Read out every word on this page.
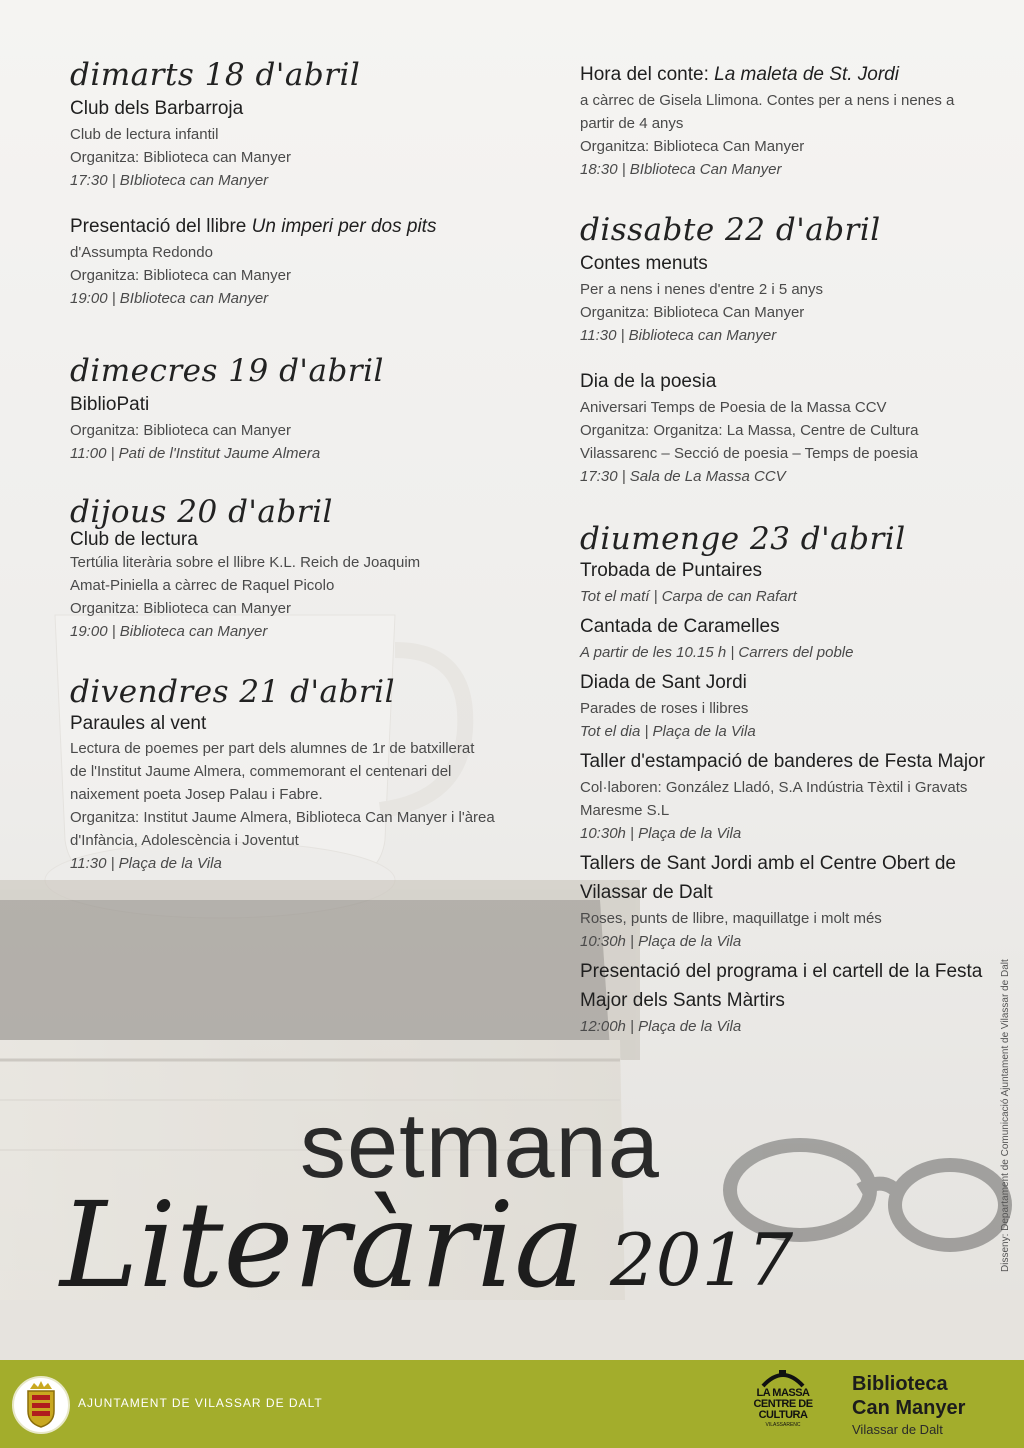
dimarts 18 d'abril
Club dels Barbarroja
Club de lectura infantil
Organitza: Biblioteca can Manyer
17:30 | BIblioteca can Manyer
Presentació del llibre Un imperi per dos pits
d'Assumpta Redondo
Organitza: Biblioteca can Manyer
19:00 | BIblioteca can Manyer
dimecres 19 d'abril
BiblioPati
Organitza: Biblioteca can Manyer
11:00 | Pati de l'Institut Jaume Almera
dijous 20 d'abril
Club de lectura
Tertúlia literària sobre el llibre K.L. Reich de Joaquim
Amat-Piniella a càrrec de Raquel Picolo
Organitza: Biblioteca can Manyer
19:00 | Biblioteca can Manyer
divendres 21 d'abril
Paraules al vent
Lectura de poemes per part dels alumnes de 1r de batxillerat
de l'Institut Jaume Almera, commemorant el centenari del
naixement poeta Josep Palau i Fabre.
Organitza: Institut Jaume Almera, Biblioteca Can Manyer i l'àrea
d'Infància, Adolescència i Joventut
11:30 | Plaça de la Vila
Hora del conte: La maleta de St. Jordi
a càrrec de Gisela Llimona. Contes per a nens i nenes a
partir de 4 anys
Organitza: Biblioteca Can Manyer
18:30 | BIblioteca Can Manyer
dissabte 22 d'abril
Contes menuts
Per a nens i nenes d'entre 2 i 5 anys
Organitza: Biblioteca Can Manyer
11:30 | Biblioteca can Manyer
Dia de la poesia
Aniversari Temps de Poesia de la Massa CCV
Organitza: Organitza: La Massa, Centre de Cultura
Vilassarenc – Secció de poesia – Temps de poesia
17:30 | Sala de La Massa CCV
diumenge 23 d'abril
Trobada de Puntaires
Tot el matí | Carpa de can Rafart
Cantada de Caramelles
A partir de les 10.15 h | Carrers del poble
Diada de Sant Jordi
Parades de roses i llibres
Tot el dia | Plaça de la Vila
Taller d'estampació de banderes de Festa Major
Col·laboren: González Lladó, S.A Indústria Tèxtil i Gravats
Maresme S.L
10:30h | Plaça de la Vila
Tallers de Sant Jordi amb el Centre Obert de Vilassar de Dalt
Roses, punts de llibre, maquillatge i molt més
10:30h | Plaça de la Vila
Presentació del programa i el cartell de la Festa Major dels Sants Màrtirs
12:00h | Plaça de la Vila
setmana
Literària 2017	Disseny: Departament de Comunicació Ajuntament de Vilassar de Dalt
AJUNTAMENT DE VILASSAR DE DALT
LA MASSA
CENTRE DE
CULTURA
VILASSARENC
Biblioteca
Can Manyer
Vilassar de Dalt
